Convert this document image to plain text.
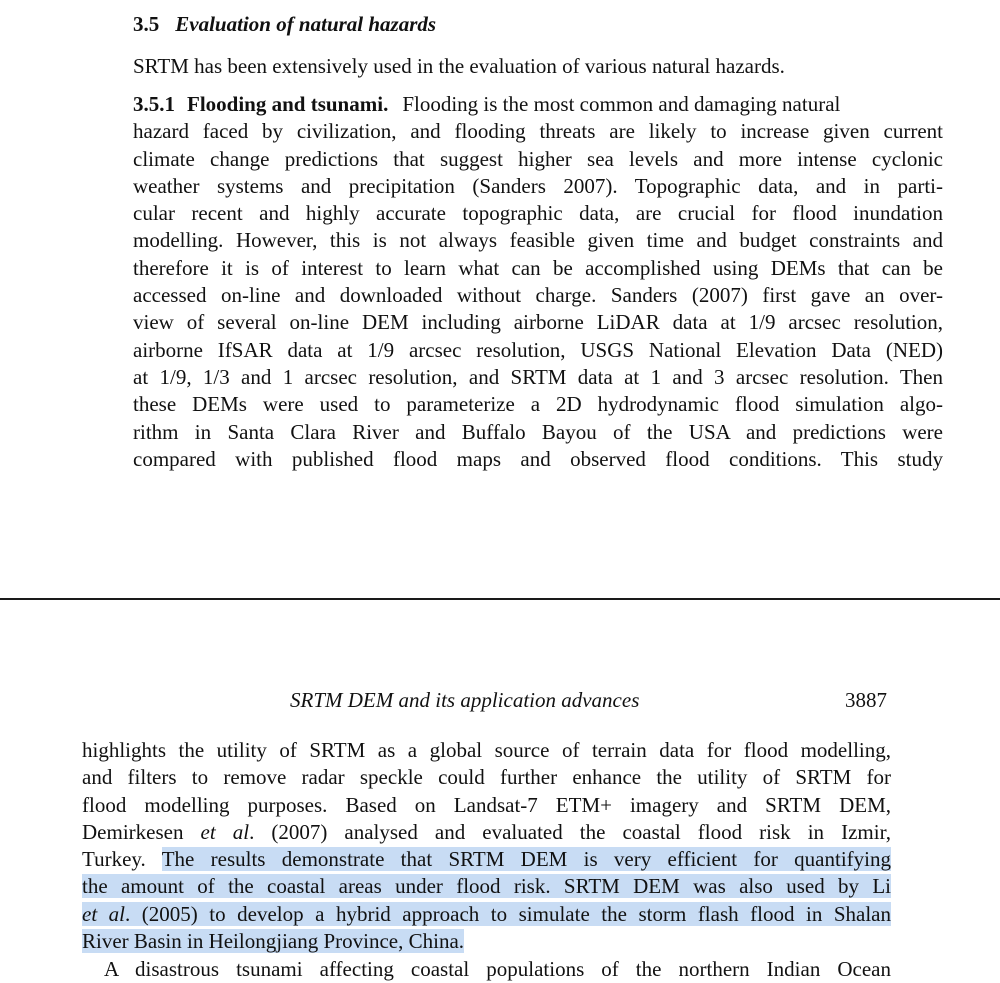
3.5 Evaluation of natural hazards

SRTM has been extensively used in the evaluation of various natural hazards.

3.5.1 Flooding and tsunami. Flooding is the most common and damaging natural
hazard faced by civilization, and flooding threats are likely to increase given current
climate change predictions that suggest higher sea levels and more intense cyclonic
weather systems and precipitation (Sanders 2007). Topographic data, and in parti-
cular recent and highly accurate topographic data, are crucial for flood inundation
modelling. However, this is not always feasible given time and budget constraints and
therefore it is of interest to learn what can be accomplished using DEMs that can be
accessed on-line and downloaded without charge. Sanders (2007) first gave an over-
view of several on-line DEM including airborne LiDAR data at 1/9 arcsec resolution,
airborne IfSAR data at 1/9 arcsec resolution, USGS National Elevation Data (NED)
at 1/9, 1/3 and 1 arcsec resolution, and SRTM data at 1 and 3 arcsec resolution. Then
these DEMs were used to parameterize a 2D hydrodynamic flood simulation algo-
rithm in Santa Clara River and Buffalo Bayou of the USA and predictions were
compared with published flood maps and observed flood conditions. This study

SRTM DEM and its application advances	3887

highlights the utility of SRTM as a global source of terrain data for flood modelling,
and filters to remove radar speckle could further enhance the utility of SRTM for
flood modelling purposes. Based on Landsat-7 ETM+ imagery and SRTM DEM,
Demirkesen et al. (2007) analysed and evaluated the coastal flood risk in Izmir,
Turkey. The results demonstrate that SRTM DEM is very efficient for quantifying
the amount of the coastal areas under flood risk. SRTM DEM was also used by Li
et al. (2005) to develop a hybrid approach to simulate the storm flash flood in Shalan
River Basin in Heilongjiang Province, China.

A disastrous tsunami affecting coastal populations of the northern Indian Ocean
